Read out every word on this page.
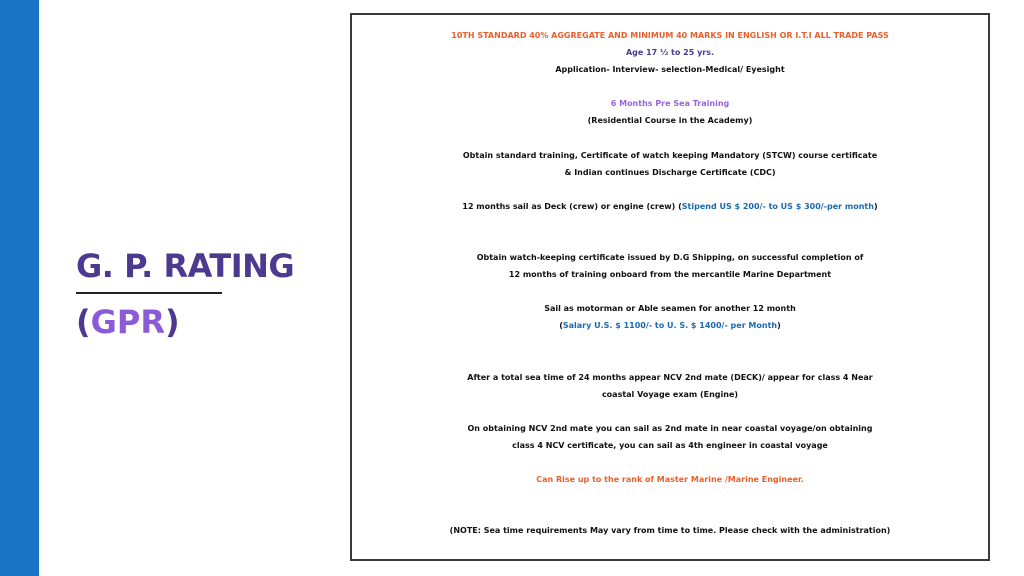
G. P. RATING
(GPR)
10TH STANDARD 40% AGGREGATE AND MINIMUM 40 MARKS IN ENGLISH OR I.T.I ALL TRADE PASS
Age 17 ½ to 25 yrs.
Application- Interview- selection-Medical/ Eyesight
6 Months Pre Sea Training
(Residential Course in the Academy)
Obtain standard training, Certificate of watch keeping Mandatory (STCW) course certificate
& Indian continues Discharge Certificate (CDC)
12 months sail as Deck (crew) or engine (crew) (Stipend US $ 200/- to US $ 300/-per month)
Obtain watch-keeping certificate issued by D.G Shipping, on successful completion of
12 months of training onboard from the mercantile Marine Department
Sail as motorman or Able seamen for another 12 month
(Salary U.S. $ 1100/- to U. S. $ 1400/- per Month)
After a total sea time of 24 months appear NCV 2nd mate (DECK)/ appear for class 4 Near
coastal Voyage exam (Engine)
On obtaining NCV 2nd mate you can sail as 2nd mate in near coastal voyage/on obtaining
class 4 NCV certificate, you can sail as 4th engineer in coastal voyage
Can Rise up to the rank of Master Marine /Marine Engineer.
(NOTE: Sea time requirements May vary from time to time. Please check with the administration)
